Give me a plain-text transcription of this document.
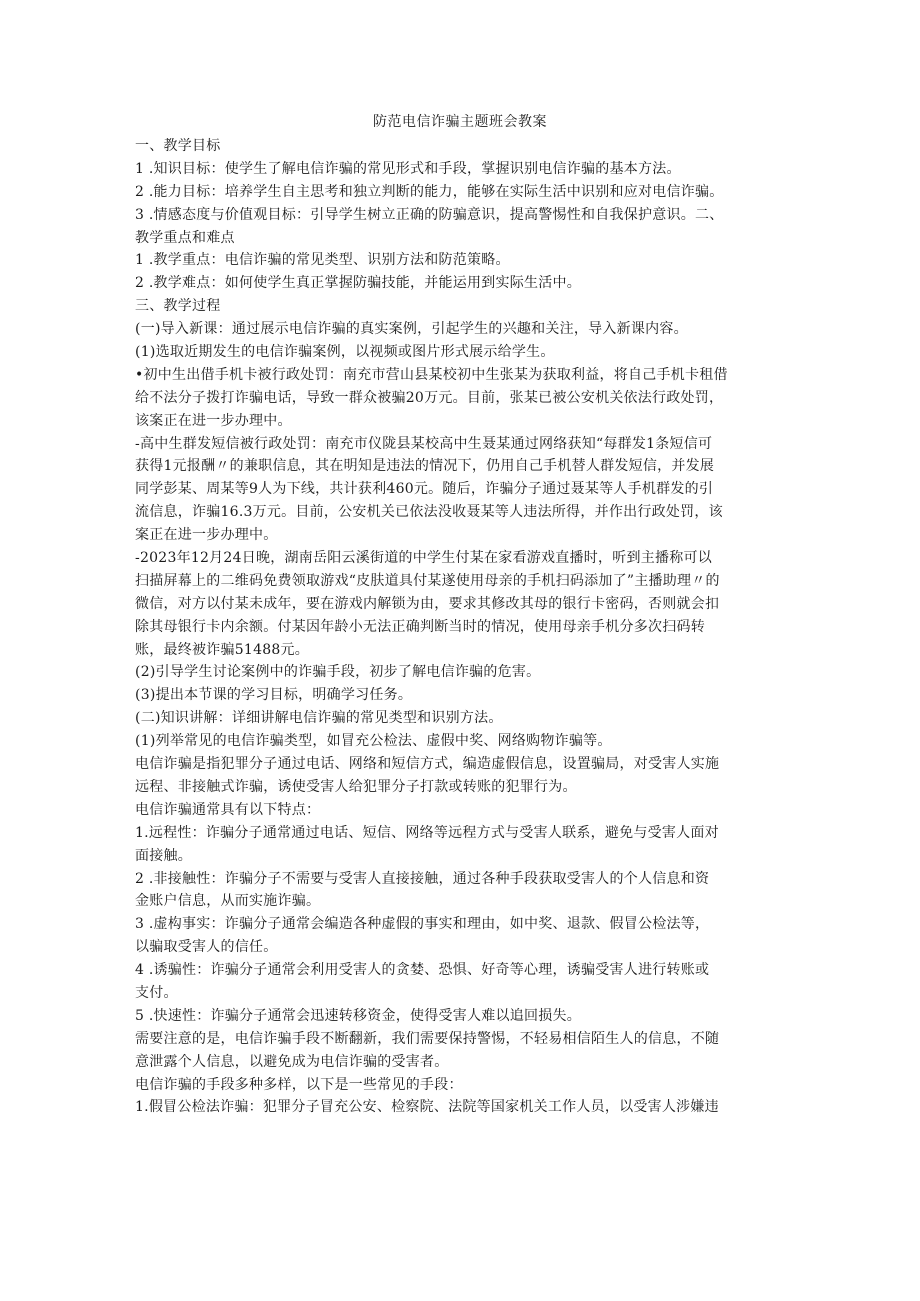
防范电信诈骗主题班会教案
一、教学目标
1 .知识目标：使学生了解电信诈骗的常见形式和手段，掌握识别电信诈骗的基本方法。
2 .能力目标：培养学生自主思考和独立判断的能力，能够在实际生活中识别和应对电信诈骗。
3 .情感态度与价值观目标：引导学生树立正确的防骗意识，提高警惕性和自我保护意识。二、
教学重点和难点
1 .教学重点：电信诈骗的常见类型、识别方法和防范策略。
2 .教学难点：如何使学生真正掌握防骗技能，并能运用到实际生活中。
三、教学过程
(一)导入新课：通过展示电信诈骗的真实案例，引起学生的兴趣和关注，导入新课内容。
(1)选取近期发生的电信诈骗案例，以视频或图片形式展示给学生。
•初中生出借手机卡被行政处罚：南充市营山县某校初中生张某为获取利益，将自己手机卡租借
给不法分子拨打诈骗电话，导致一群众被骗20万元。目前，张某已被公安机关依法行政处罚，
该案正在进一步办理中。
-高中生群发短信被行政处罚：南充市仪陇县某校高中生聂某通过网络获知“每群发1条短信可
获得1元报酬〃的兼职信息，其在明知是违法的情况下，仍用自己手机替人群发短信，并发展
同学彭某、周某等9人为下线，共计获利460元。随后，诈骗分子通过聂某等人手机群发的引
流信息，诈骗16.3万元。目前，公安机关已依法没收聂某等人违法所得，并作出行政处罚，该
案正在进一步办理中。
-2023年12月24日晚，湖南岳阳云溪街道的中学生付某在家看游戏直播时，听到主播称可以
扫描屏幕上的二维码免费领取游戏“皮肤道具付某遂使用母亲的手机扫码添加了”主播助理〃的
微信，对方以付某未成年，要在游戏内解锁为由，要求其修改其母的银行卡密码，否则就会扣
除其母银行卡内余额。付某因年龄小无法正确判断当时的情况，使用母亲手机分多次扫码转
账，最终被诈骗51488元。
(2)引导学生讨论案例中的诈骗手段，初步了解电信诈骗的危害。
(3)提出本节课的学习目标，明确学习任务。
(二)知识讲解：详细讲解电信诈骗的常见类型和识别方法。
(1)列举常见的电信诈骗类型，如冒充公检法、虚假中奖、网络购物诈骗等。
电信诈骗是指犯罪分子通过电话、网络和短信方式，编造虚假信息，设置骗局，对受害人实施
远程、非接触式诈骗，诱使受害人给犯罪分子打款或转账的犯罪行为。
电信诈骗通常具有以下特点：
1.远程性：诈骗分子通常通过电话、短信、网络等远程方式与受害人联系，避免与受害人面对
面接触。
2 .非接触性：诈骗分子不需要与受害人直接接触，通过各种手段获取受害人的个人信息和资
金账户信息，从而实施诈骗。
3 .虚构事实：诈骗分子通常会编造各种虚假的事实和理由，如中奖、退款、假冒公检法等，
以骗取受害人的信任。
4 .诱骗性：诈骗分子通常会利用受害人的贪婪、恐惧、好奇等心理，诱骗受害人进行转账或
支付。
5 .快速性：诈骗分子通常会迅速转移资金，使得受害人难以追回损失。
需要注意的是，电信诈骗手段不断翻新，我们需要保持警惕，不轻易相信陌生人的信息，不随
意泄露个人信息，以避免成为电信诈骗的受害者。
电信诈骗的手段多种多样，以下是一些常见的手段：
1.假冒公检法诈骗：犯罪分子冒充公安、检察院、法院等国家机关工作人员，以受害人涉嫌违
